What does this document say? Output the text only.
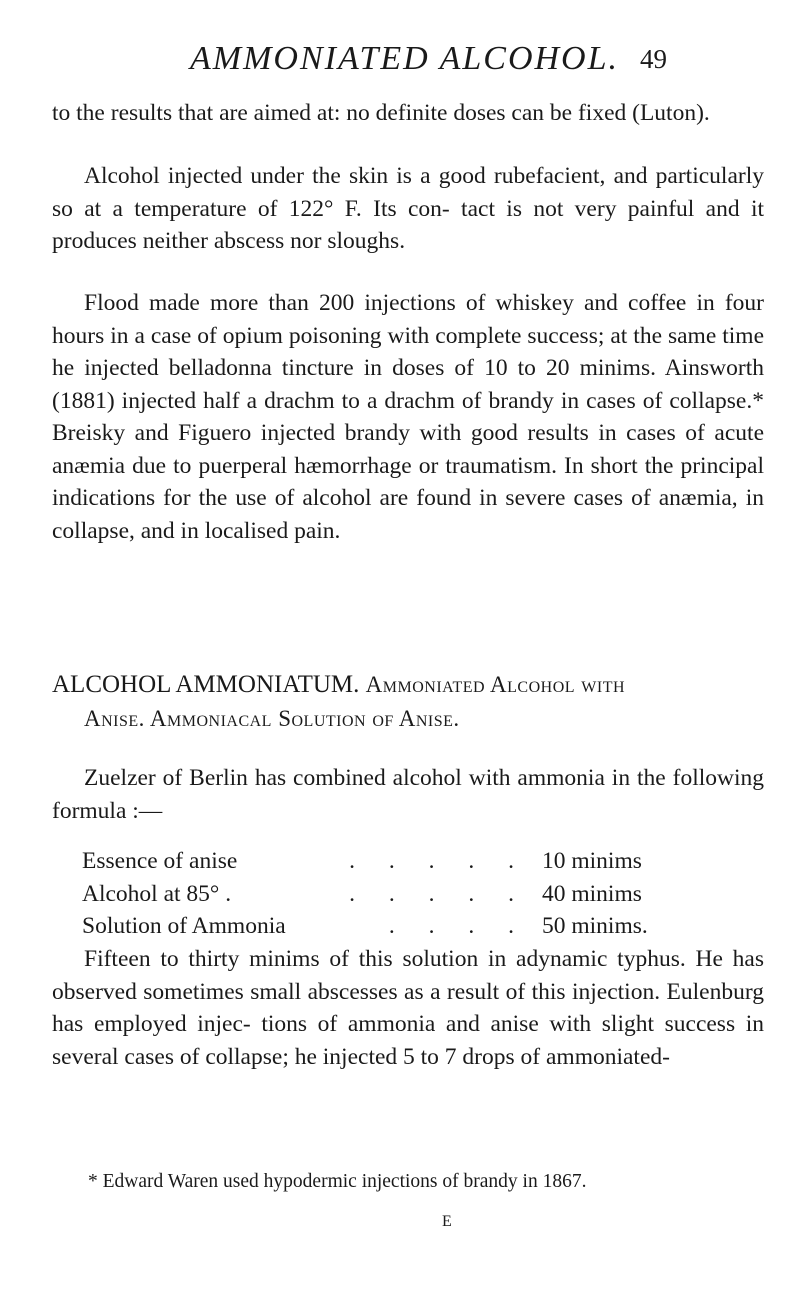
AMMONIATED ALCOHOL. 49

to the results that are aimed at: no definite doses can be fixed (Luton).

Alcohol injected under the skin is a good rubefacient, and particularly so at a temperature of 122° F. Its con- tact is not very painful and it produces neither abscess nor sloughs.

Flood made more than 200 injections of whiskey and coffee in four hours in a case of opium poisoning with complete success; at the same time he injected belladonna tincture in doses of 10 to 20 minims. Ainsworth (1881) injected half a drachm to a drachm of brandy in cases of collapse.* Breisky and Figuero injected brandy with good results in cases of acute anæmia due to puerperal hæmorrhage or traumatism. In short the principal indications for the use of alcohol are found in severe cases of anæmia, in collapse, and in localised pain.

ALCOHOL AMMONIATUM. Ammoniated Alcohol with
Anise. Ammoniacal Solution of Anise.

Zuelzer of Berlin has combined alcohol with ammonia in the following formula :—

Essence of anise	. . . . . 10 minims
Alcohol at 85° .	. . . . . 40 minims
Solution of Ammonia	. . . . 50 minims.

Fifteen to thirty minims of this solution in adynamic typhus. He has observed sometimes small abscesses as a result of this injection. Eulenburg has employed injec- tions of ammonia and anise with slight success in several cases of collapse; he injected 5 to 7 drops of ammoniated-

* Edward Waren used hypodermic injections of brandy in 1867.
E
